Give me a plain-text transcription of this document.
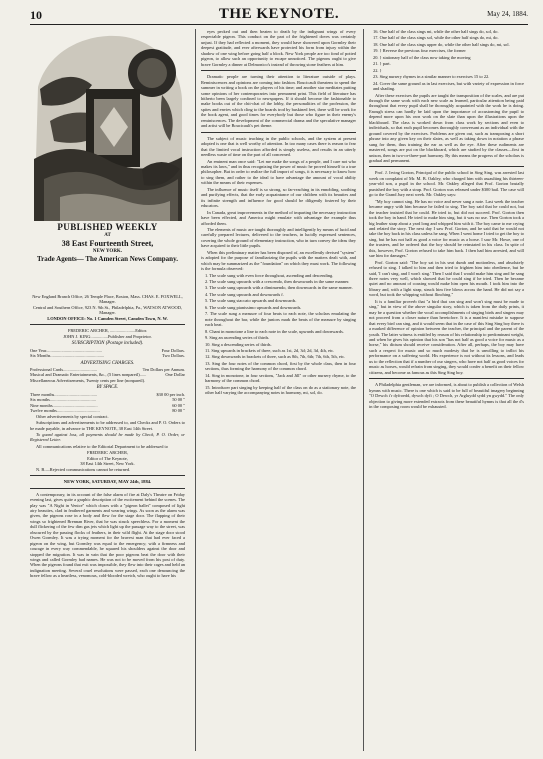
10	THE KEYNOTE.	May 24, 1884.
PUBLISHED WEEKLY
AT
38 East Fourteenth Street,
NEW YORK.
Trade Agents— The American News Company.

New England Branch Office, 26 Temple Place, Boston, Mass. CHAS. E. FOXWELL, Manager.

Central and Southern Office, 923 N. 9th St., Philadelphia, Pa., WATSON ATWOOD, Manager.

LONDON OFFICE: No. 1 Camden Street, Camden Town, N. W.

FREDERIC ARCHER, .......................Editor.

JOHN J. KING................Publisher and Proprietor.

SUBSCRIPTION (Postage included).

One Year...................................................	Four Dollars.
Six Months.................................................	Two Dollars.

ADVERTISING CHARGES.

Professional Cards...............................	Ten Dollars per Annum.
Musical and Dramatic Entertainments, &c., (5 lines nonpareil)......	One Dollar
Miscellaneous Advertisements, Twenty cents per line (nonpareil).

BY SPACE.

Three months.......................................	$30 00 per inch.
Six months..........................................	50 00 "
Nine months.........................................	60 00 "
Twelve months.......................................	80 00 "

Other advertisements by special contract.

Subscriptions and advertisements to be addressed to, and Checks and P. O. Orders to be made payable, in advance to THE KEYNOTE, 38 East 14th Street.

To guard against loss, all payments should be made by Check, P. O. Order, or Registered Letter.

All communications relative to the Editorial Department to be addressed to

FREDERIC ARCHER,

Editor of The Keynote,

38 East 14th Street, New York.

N. B.—Rejected communications cannot be returned.

NEW YORK, SATURDAY, MAY 24th, 1884.

A contemporary, in its account of the false alarm of fire at Daly's Theatre on Friday evening last, gives quite a graphic description of the excitement behind the scenes. The play was "A Night in Venice" which closes with a "pigeon ballet" composed of light airy beauties, clad in feathered garments and wearing wings. As soon as the alarm was given, the pigeons rose in a body and flew for the stage door. The flapping of their wings so frightened Brennan River, that he was struck speechless. For a moment the dull flickering of the few dim gas jets which light up the passage way to the street, was obscured by the passing flocks of feathers, in their wild flight. At the stage door stood Owen Gormley. It was a trying moment for the bravest man that had ever faced a pigeon on the wing, but Gormley was equal to the emergency; with a firmness and courage in every way commendable, he squared his shoulders against the door and stopped the migration. It was in vain that the poor pigeons beat the door with their wings and called Gormley bad names. He was not to be moved from his post of duty. When the pigeons found that exit was impossible, they flew into their cages and held an indignation meeting. Several cruel resolutions were passed, each one denouncing the brave fellow as a heartless, venomous, cold-blooded wretch, who ought to have his

eyes pecked out and then beaten to death by the indignant wings of every respectable pigeon. This conduct on the part of the frightened doves was certainly unjust. If they had reflected a moment, they would have showered upon Gormley their deepest gratitude, and ever afterwards have protected his form from injury within the shadow of one wing before going half a block. New York people are too fond of potted pigeon, to allow such an opportunity to escape unnoticed. The pigeons ought to give brave Gormley a dinner at Delmonico's instead of throwing stone feathers at him.

Dramatic people are turning their attention to literature outside of plays. Reminiscences and opinions are coming into fashion. Boucicault threatens to spend the summer in writing a book on the players of his time; and another star meditates putting some opinions of her contemporaries into permanent print. This field of literature has hitherto been largely confined to newspapers. If it should become the fashionable to make books out of the chit-chat of the lobby, the personalities of the profession, the spites and envies which cling to the boards trod by buskined feet, there will be work for the book agent, and good times for everybody but those who figure in their enemy's reminiscences. The development of the commercial drama and the speculative manager and artist will be Boucicault's pet theme.

The subject of music teaching in the public schools, and the system at present adopted is one that is well worthy of attention. In too many cases there is reason to fear that the limited vocal instruction afforded is simply useless, and results in an utterly needless waste of time on the part of all concerned.

An eminent man once said: "Let me make the songs of a people, and I care not who makes its laws," and in thus recognizing the power of music he proved himself to a true philosopher. But in order to realize the full import of songs, it is necessary to know how to sing them, and rather to the ideal to have advantage the amount of vocal ability within the means of their expenses.

The influence of music itself is so strong, so far-reaching in its ennobling, soothing and purifying effects, that the early acquaintance of our children with its beauties and its infinite strength and influence for good should be diligently fostered by their educators.

In Canada, great improvements in the method of imparting the necessary instruction have been effected, and America might emulate with advantage the example thus afforded them.

The elements of music are taught thoroughly and intelligently by means of lucid and carefully prepared lectures, delivered to the teachers, in lucidly expressed sentences, covering the whole ground of elementary instruction, who in turn convey the ideas they have acquired to their little pupils.

When this preliminary matter has been disposed of, an excellently devised "system" is adopted for the purpose of familiarizing the pupils with the matters dealt with, and which may be summarized as the "foundation" on which they must work. The following is the formula observed:

1. The scale sung with even force throughout, ascending and descending.

2. The scale sung upwards with a crescendo, then downwards in the same manner.

3. The scale sung upwards with a diminuendo, then downwards in the same manner.

4. The scale sung upwards and downwards f.

5. The scale sung staccato upwards and downwards.

6. The scale sung pianissimo upwards and downwards.

7. The scale sung a measure of four beats to each note, the scholars emulating the note throughout the bar, while the juniors mark the beats of the measure by singing each beat.

8. Chant in monotone a line to each note in the scale, upwards and downwards.

9. Sing an ascending series of thirds.

10. Sing a descending series of thirds.

11. Sing upwards in brackets of three, such as 1st, 2d, 3d; 2d, 3d, 4th, etc.

12. Sing downwards in brackets of three, such as 8th, 7th, 6th; 7th, 6th, 5th, etc.

13. Sing the four notes of the common chord, first by the whole class, then in four sections, thus forming the harmony of the common chord.

14. Sing in monotone, in four sections, "Jack and Jill" or other nursery rhyme, to the harmony of the common chord.

15. Introducer part singing by keeping half of the class on do as a stationary note, the other half varying the accompanying notes in harmony, mi, sol, do.

16. One half of the class sings mi, while the other half sings do, sol, do.

17. One half of the class sings sol, while the other half sings do, mi, do.

18. One half of the class sings upper do, while the other half sings do, mi, sol.

19. } Reverse the previous four exercises, the former

20. } stationary half of the class now taking the moving

21. } part.

22. }

23. Sing nursery rhymes in a similar manner to exercises 15 to 22.

24. Cover the same ground as in last exercises, but with variety of expression in force and shading.

After these exercises the pupils are taught the transposition of the scales, and are put through the same work with each new scale as learned, particular attention being paid throughout that every pupil shall be thoroughly acquainted with the work he is doing. Enough stress can hardly be laid upon the importance of accustoming the pupil to depend more upon his own work on the slate than upon the illustrations upon the blackboard. The class is worked down from class work by sections and even to individuals, so that each pupil becomes thoroughly conversant as an individual with the ground covered by the exercises. Problems are given out, such as transposing a short phrase into any given key on their slates, as well as taking down in notation a phrase sung for them, thus training the ear as well as the eye. After these rudiments are mastered, songs are put on the blackboard, which are studied by the classes—first in unison, then in two-or-three-part harmony. By this means the progress of the scholars is gradual and permanent.

Prof. J. Irving Gorton, Principal of the public school in Sing Sing, was arrested last week on complaint of Mr. M. B. Oakley, who charged him with assaulting his thirteen-year-old son, a pupil in the school. Mr. Oakley alleged that Prof. Gorton brutally punished the boy with a strap. Prof. Gorton was released under $300 bail. The case will go to the Grand Jury next week. Mr. Oakley says:

"My boy cannot sing. He has no voice and never sang a note. Last week the teacher became angry with him because he failed to sing. The boy said that he could not, but the teacher insisted that he could. He tried to, but did not succeed. Prof. Gorton then took the boy in hand. He tried to make him sing, but it was no use. Then Gorton took a big leather strap about a yard long and whipped him with it. The boy came to me crying and related the story. The next day I saw Prof. Gorton, and he said that he would not take the boy back in his class unless he sang. When I went home I tried to get the boy to sing, but he has not half as good a voice for music as a horse. I saw Mr. Howe, one of the trustees, and he ordered that the boy should be reinstated in his class. In spite of this, however, Prof. Gorton refused to take him back. I then had him arrested, and will sue him for damages."

Prof. Gorton said: "The boy sat in his seat dumb and motionless, and absolutely refused to sing. I talked to him and then tried to frighten him into obedience, but he said, 'I can't sing, and I won't sing.' Then I said that I would make him sing and he sang three notes very well, which showed that he could sing if he tried. Then he became quiet and no amount of coaxing would make him open his mouth. I took him into the library and, with a light strap, struck him five blows across the hand. He did not say a word, but took the whipping without flinching."

It is a familiar proverb that "a bird that can sing and won't sing must be made to sing," but in view of the above singular story, which is taken from the daily prints, it may be a question whether the vocal accomplishments of singing birds and singers may not proceed from a closer nature than heretofore. It is a manifest mistake to suppose that every bird can sing, and it would seem that in the case of this Sing Sing boy there is a marked difference of opinion between the teacher, the principal and the parent of the youth. The latter witness is entitled by reason of his relationship to predominant weight, and when he gives his opinion that his son "has not half as good a voice for music as a horse," his dictum should receive consideration. After all, perhaps, the boy may have such a respect for music and so much modesty that he is unwilling to inflict his performance on a suffering world. His experience is not without its lessons, and leads us to the reflection that if a number of our singers, who have not half as good voices for music as horses, would refrain from singing, they would confer a benefit on their fellow citizens, and become as famous as this Sing Sing boy.

A Philadelphia gentleman, we are informed, is about to publish a collection of Welsh hymns with music. There is one which is said to be full of beautiful imagery beginning "O Dewch i'r dyfroedd, dywch dyfi ; O Dewch, yr Argluydd sydd yn gwydd." The only objection to giving more extended extracts from these beautiful hymns is that all the d's in the composing room would be exhausted.
